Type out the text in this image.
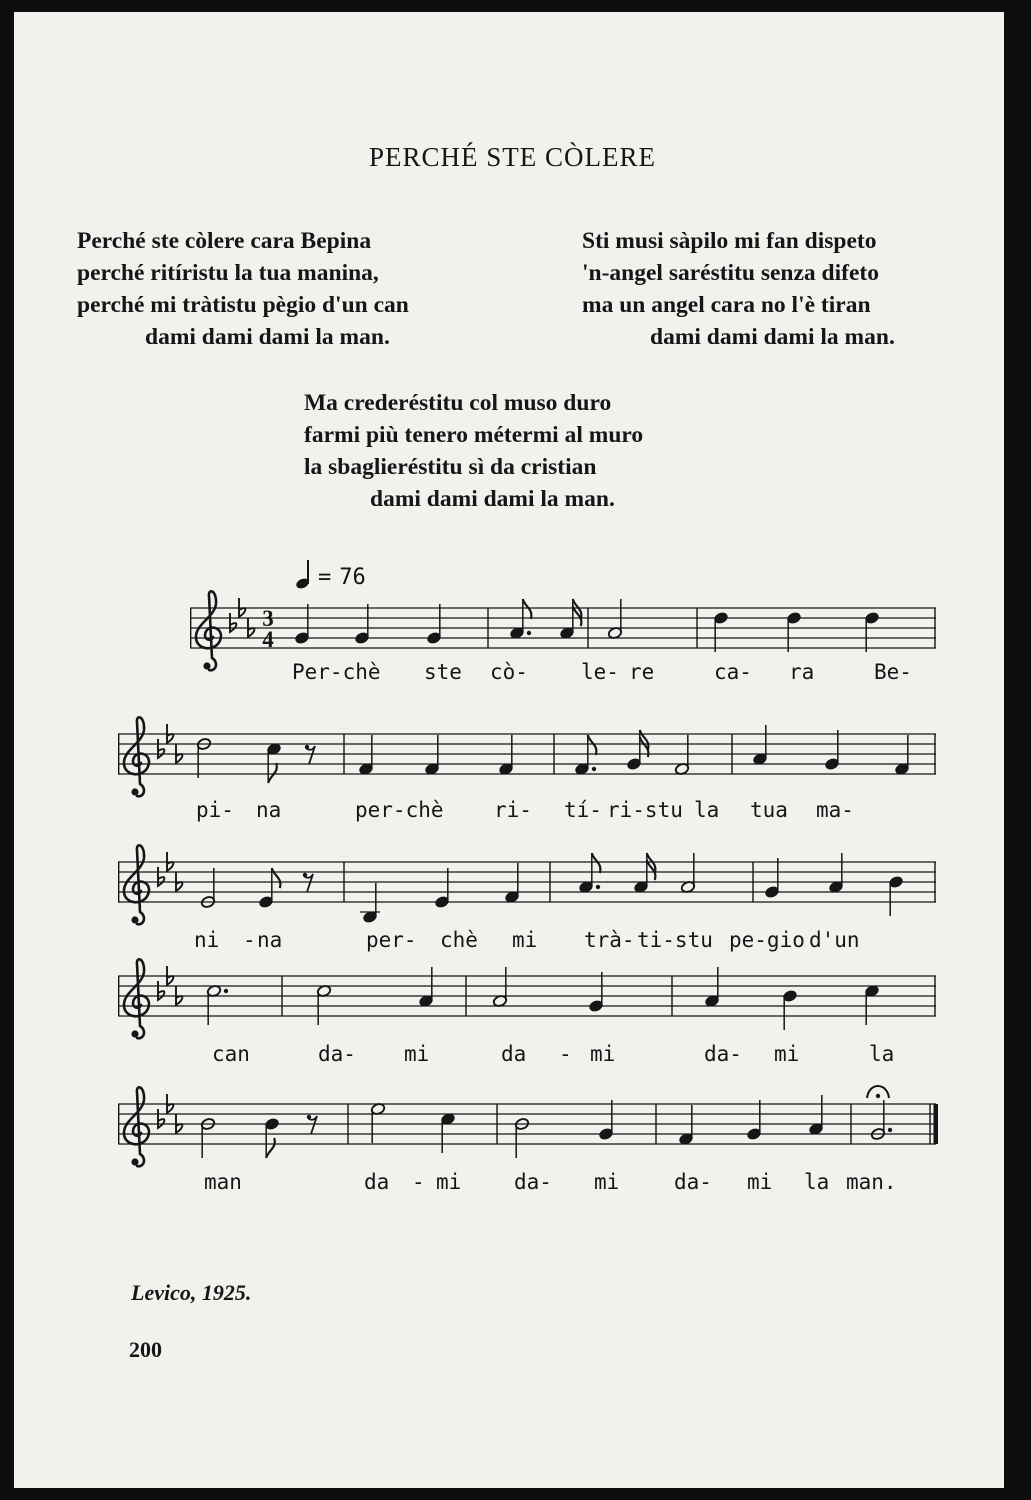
PERCHÉ STE CÒLERE
Perché ste còlere cara Bepina
perché ritíristu la tua manina,
perché mi tràtistu pègio d'un can
dami dami dami la man.
Sti musi sàpilo mi fan dispeto
'n-angel saréstitu senza difeto
ma un angel cara no l'è tiran
dami dami dami la man.
Ma crederéstitu col muso duro
farmi più tenero métermi al muro
la sbaglieréstitu sì da cristian
dami dami dami la man.
= 76
3
4
Per-chè ste cò-	le- re	ca- ra	Be-
pi- na	per-chè ri- tí- ri-stu la tua ma-
ni - na	per- chè mi trà- ti-stu pe-gio d'un
can	da- mi	da - mi	da- mi	la
man	da - mi	da- mi	da- mi la man.
Levico, 1925.
200
